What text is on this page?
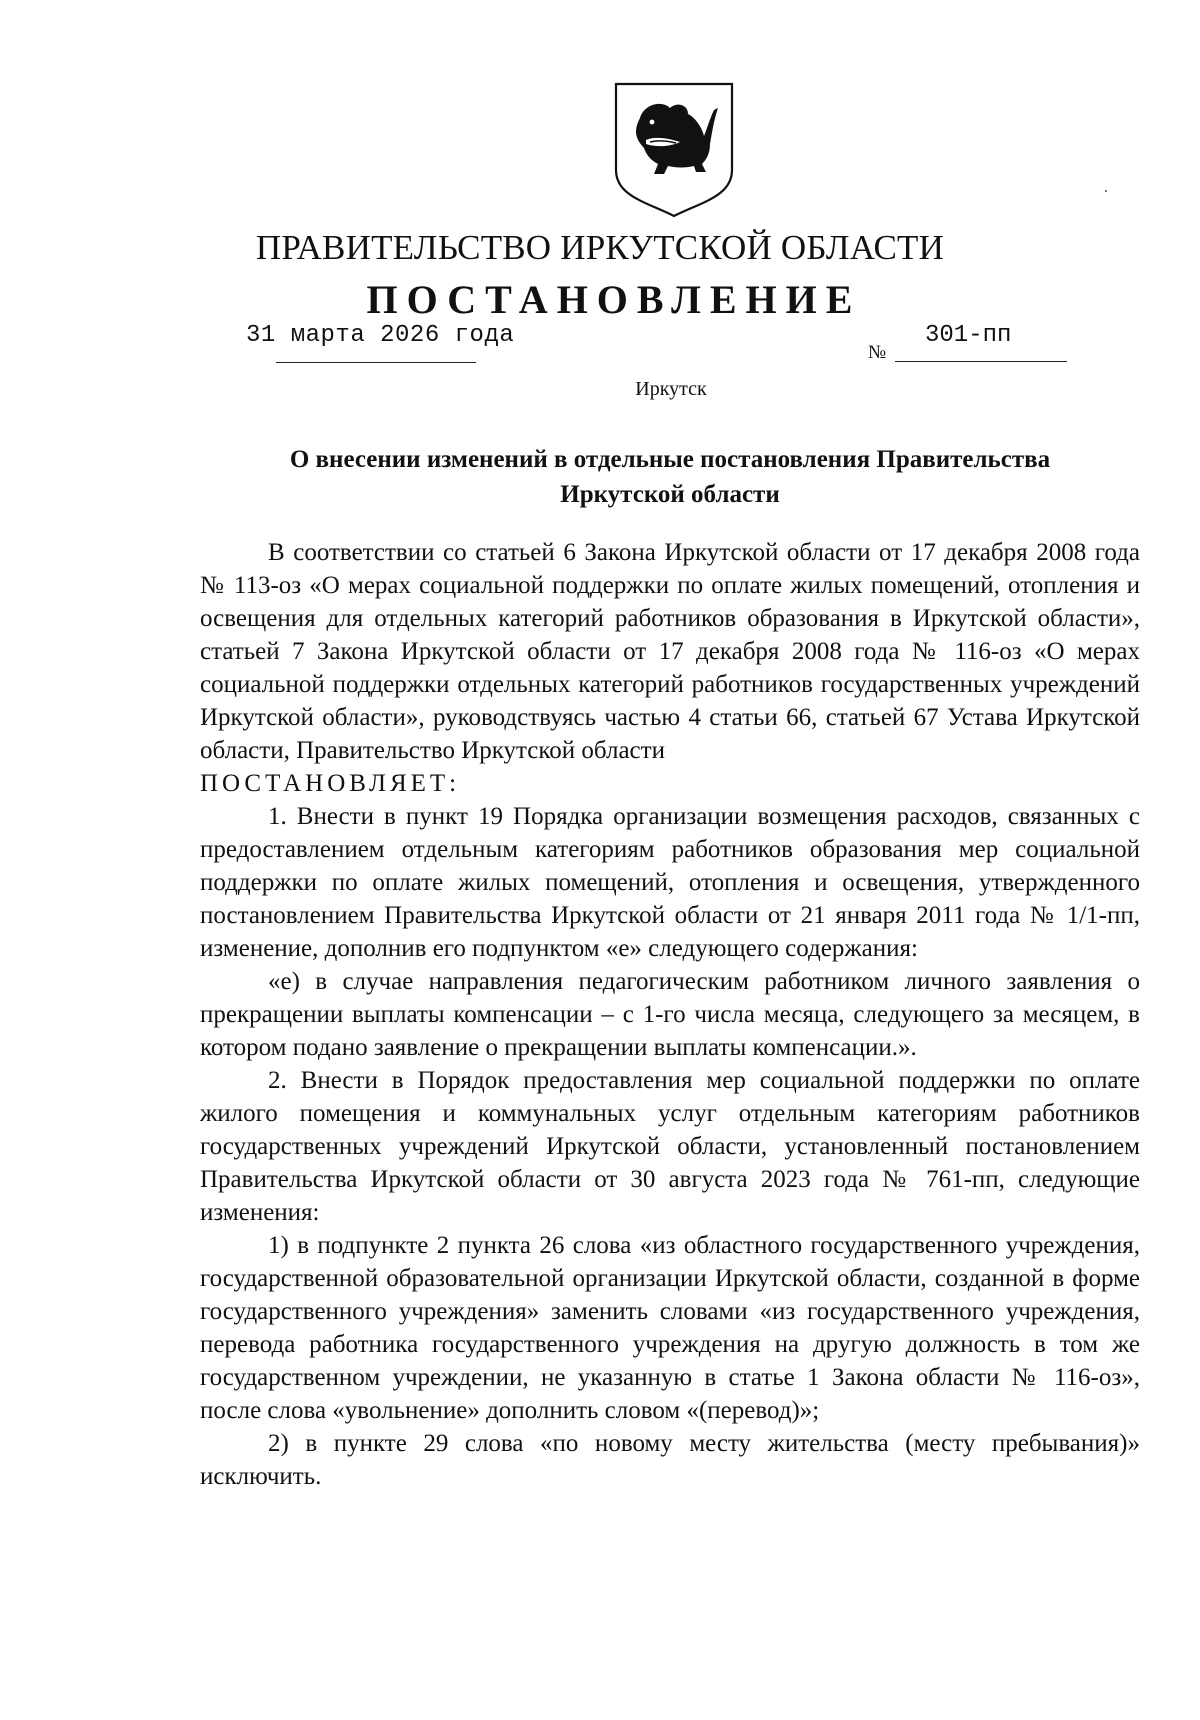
ПРАВИТЕЛЬСТВО ИРКУТСКОЙ ОБЛАСТИ
ПОСТАНОВЛЕНИЕ
31 марта 2026 года
№
301-пп
Иркутск
О внесении изменений в отдельные постановления Правительства
Иркутской области

В соответствии со статьей 6 Закона Иркутской области от 17 декабря 2008 года № 113-оз «О мерах социальной поддержки по оплате жилых помещений, отопления и освещения для отдельных категорий работников образования в Иркутской области», статьей 7 Закона Иркутской области от 17 декабря 2008 года № 116-оз «О мерах социальной поддержки отдельных категорий работников государственных учреждений Иркутской области», руководствуясь частью 4 статьи 66, статьей 67 Устава Иркутской области, Правительство Иркутской области

ПОСТАНОВЛЯЕТ:

1. Внести в пункт 19 Порядка организации возмещения расходов, связанных с предоставлением отдельным категориям работников образования мер социальной поддержки по оплате жилых помещений, отопления и освещения, утвержденного постановлением Правительства Иркутской области от 21 января 2011 года № 1/1-пп, изменение, дополнив его подпунктом «е» следующего содержания:

«е) в случае направления педагогическим работником личного заявления о прекращении выплаты компенсации – с 1-го числа месяца, следующего за месяцем, в котором подано заявление о прекращении выплаты компенсации.».

2. Внести в Порядок предоставления мер социальной поддержки по оплате жилого помещения и коммунальных услуг отдельным категориям работников государственных учреждений Иркутской области, установленный постановлением Правительства Иркутской области от 30 августа 2023 года № 761-пп, следующие изменения:

1) в подпункте 2 пункта 26 слова «из областного государственного учреждения, государственной образовательной организации Иркутской области, созданной в форме государственного учреждения» заменить словами «из государственного учреждения, перевода работника государственного учреждения на другую должность в том же государственном учреждении, не указанную в статье 1 Закона области № 116-оз», после слова «увольнение» дополнить словом «(перевод)»;

2) в пункте 29 слова «по новому месту жительства (месту пребывания)» исключить.
